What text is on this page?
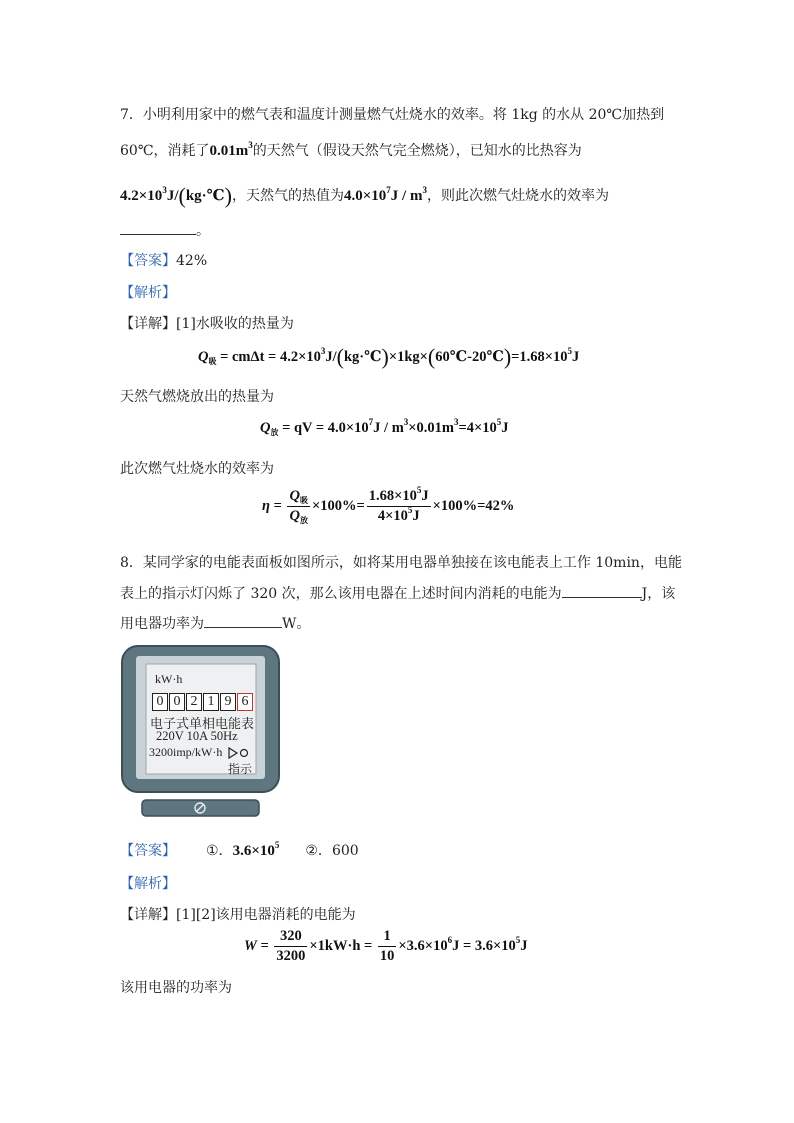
7．小明利用家中的燃气表和温度计测量燃气灶烧水的效率。将 1kg 的水从 20℃加热到
60℃，消耗了$0.01m^3$的天然气（假设天然气完全燃烧），已知水的比热容为
$4.2\times 10^3J/(kg\cdot℃)$，天然气的热值为$4.0\times 10^7J / m^3$，则此次燃气灶烧水的效率为
。
【答案】42%
【解析】
【详解】[1]水吸收的热量为
$Q_吸 = cm\Delta t$ = $4.2\times 10^3J/(kg\cdot℃)\times 1kg\times(60℃-20℃)=1.68\times 10^5J$
天然气燃烧放出的热量为
$Q_放$ = qV = $4.0\times 10^7J / m^3\times 0.01m^3=4\times 10^5J$
此次燃气灶烧水的效率为
$\eta = \frac{Q_吸}{Q_放} \times 100\%= \frac{1.68\times 10^5J}{4\times 10^5J} \times 100\%=42\%$
8．某同学家的电能表面板如图所示，如将某用电器单独接在该电能表上工作 10min，电能
表上的指示灯闪烁了 320 次，那么该用电器在上述时间内消耗的电能为	J，该
用电器功率为	W。
kW·h
0 0 2 1 9 6
电子式单相电能表
220V 10A 50Hz
3200imp/kW·h
指示
【答案】 ①．$3.6\times 10^5$ ②．600
【解析】
【详解】[1][2]该用电器消耗的电能为
$W = \frac{320}{3200} \times 1kW\cdot h = \frac{1}{10} \times 3.6\times 10^6J = 3.6\times 10^5J$
该用电器的功率为
